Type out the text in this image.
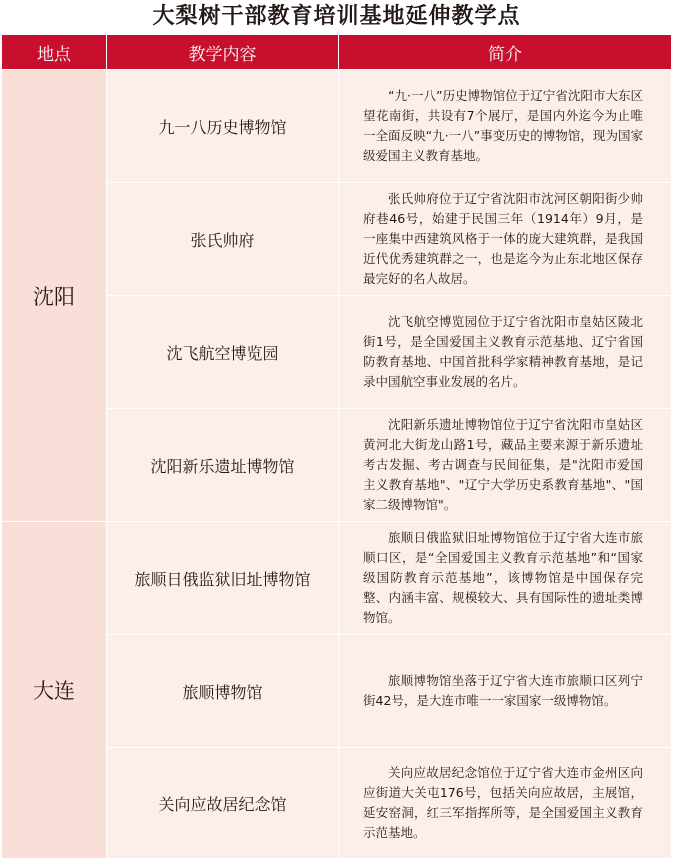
大梨树干部教育培训基地延伸教学点
地点	教学内容	简介
沈阳	九一八历史博物馆	“九·一八”历史博物馆位于辽宁省沈阳市大东区望花南街，共设有7个展厅，是国内外迄今为止唯一全面反映“九·一八”事变历史的博物馆，现为国家级爱国主义教育基地。

	张氏帅府	张氏帅府位于辽宁省沈阳市沈河区朝阳街少帅府巷46号，始建于民国三年（1914年）9月，是一座集中西建筑风格于一体的庞大建筑群，是我国近代优秀建筑群之一，也是迄今为止东北地区保存最完好的名人故居。

	沈飞航空博览园	沈飞航空博览园位于辽宁省沈阳市皇姑区陵北街1号，是全国爱国主义教育示范基地、辽宁省国防教育基地、中国首批科学家精神教育基地，是记录中国航空事业发展的名片。

	沈阳新乐遗址博物馆	沈阳新乐遗址博物馆位于辽宁省沈阳市皇姑区黄河北大街龙山路1号，藏品主要来源于新乐遗址考古发掘、考古调查与民间征集，是"沈阳市爱国主义教育基地"、"辽宁大学历史系教育基地"、"国家二级博物馆"。

大连	旅顺日俄监狱旧址博物馆	旅顺日俄监狱旧址博物馆位于辽宁省大连市旅顺口区，是“全国爱国主义教育示范基地”和“国家级国防教育示范基地”，该博物馆是中国保存完整、内涵丰富、规模较大、具有国际性的遗址类博物馆。

	旅顺博物馆	旅顺博物馆坐落于辽宁省大连市旅顺口区列宁街42号，是大连市唯一一家国家一级博物馆。

	关向应故居纪念馆	关向应故居纪念馆位于辽宁省大连市金州区向应街道大关屯176号，包括关向应故居，主展馆，延安窑洞，红三军指挥所等，是全国爱国主义教育示范基地。
